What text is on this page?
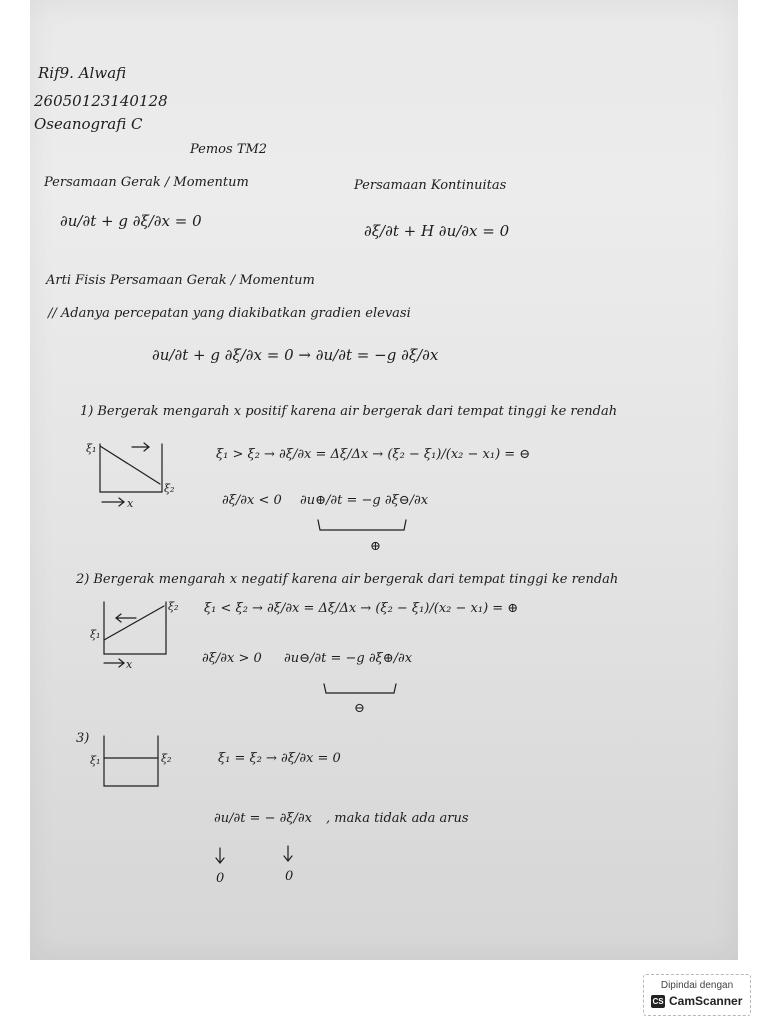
Rif9. Alwafi
26050123140128
Oseanografi C
Pemos TM2
Persamaan Gerak / Momentum
∂u/∂t + g ∂ξ/∂x = 0
Persamaan Kontinuitas
∂ξ/∂t + H ∂u/∂x = 0
Arti Fisis Persamaan Gerak / Momentum
// Adanya percepatan yang diakibatkan gradien elevasi
∂u/∂t + g ∂ξ/∂x = 0 → ∂u/∂t = −g ∂ξ/∂x
1) Bergerak mengarah x positif karena air bergerak dari tempat tinggi ke rendah
ξ₁
ξ₂
x
ξ₁ > ξ₂ → ∂ξ/∂x = Δξ/Δx → (ξ₂ − ξ₁)/(x₂ − x₁) = ⊖
∂ξ/∂x < 0 ∂u⊕/∂t = −g ∂ξ⊖/∂x
⊕
2) Bergerak mengarah x negatif karena air bergerak dari tempat tinggi ke rendah
ξ₁
ξ₂
x
ξ₁ < ξ₂ → ∂ξ/∂x = Δξ/Δx → (ξ₂ − ξ₁)/(x₂ − x₁) = ⊕
∂ξ/∂x > 0 ∂u⊖/∂t = −g ∂ξ⊕/∂x
⊖
3)
ξ₁	ξ₂	ξ₁ = ξ₂ → ∂ξ/∂x = 0
∂u/∂t = − ∂ξ/∂x , maka tidak ada arus
0	0
Dipindai dengan
CS CamScanner
